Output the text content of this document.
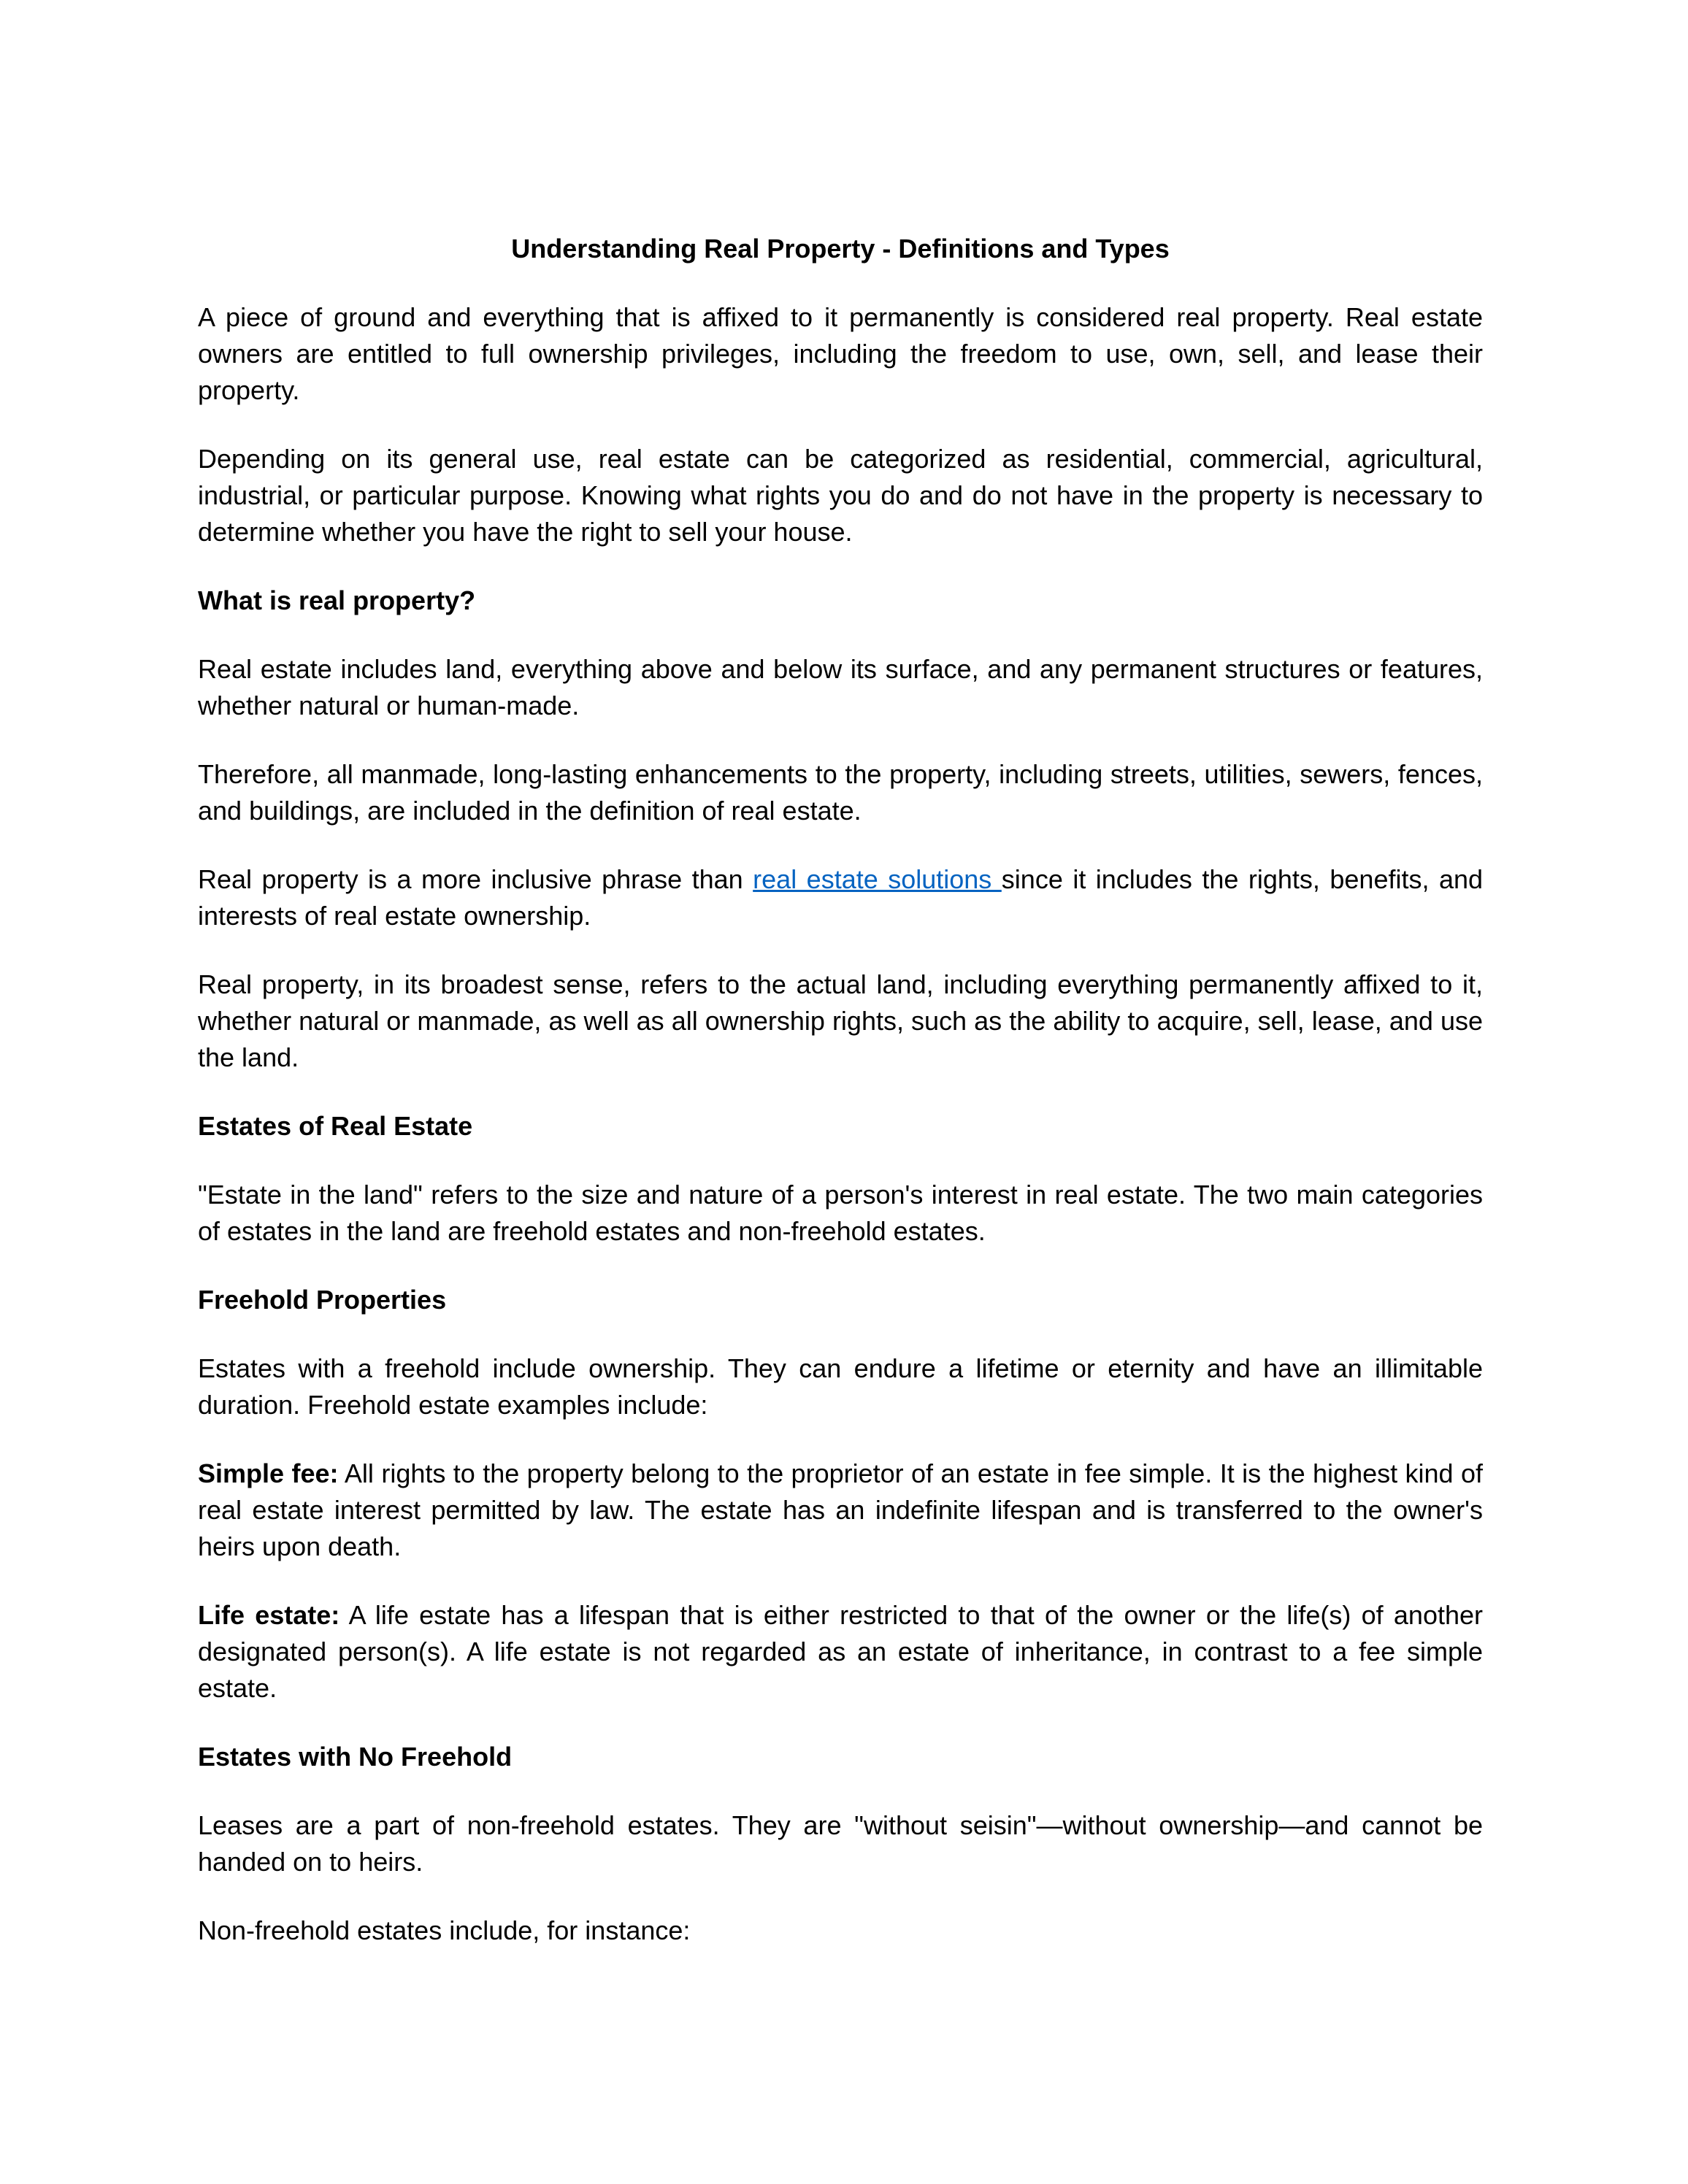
Understanding Real Property - Definitions and Types

A piece of ground and everything that is affixed to it permanently is considered real property. Real estate owners are entitled to full ownership privileges, including the freedom to use, own, sell, and lease their property.

Depending on its general use, real estate can be categorized as residential, commercial, agricultural, industrial, or particular purpose. Knowing what rights you do and do not have in the property is necessary to determine whether you have the right to sell your house.

What is real property?

Real estate includes land, everything above and below its surface, and any permanent structures or features, whether natural or human-made.

Therefore, all manmade, long-lasting enhancements to the property, including streets, utilities, sewers, fences, and buildings, are included in the definition of real estate.

Real property is a more inclusive phrase than real estate solutions since it includes the rights, benefits, and interests of real estate ownership.

Real property, in its broadest sense, refers to the actual land, including everything permanently affixed to it, whether natural or manmade, as well as all ownership rights, such as the ability to acquire, sell, lease, and use the land.

Estates of Real Estate

"Estate in the land" refers to the size and nature of a person's interest in real estate. The two main categories of estates in the land are freehold estates and non-freehold estates.

Freehold Properties

Estates with a freehold include ownership. They can endure a lifetime or eternity and have an illimitable duration. Freehold estate examples include:

Simple fee: All rights to the property belong to the proprietor of an estate in fee simple. It is the highest kind of real estate interest permitted by law. The estate has an indefinite lifespan and is transferred to the owner's heirs upon death.

Life estate: A life estate has a lifespan that is either restricted to that of the owner or the life(s) of another designated person(s). A life estate is not regarded as an estate of inheritance, in contrast to a fee simple estate.

Estates with No Freehold

Leases are a part of non-freehold estates. They are "without seisin"—without ownership—and cannot be handed on to heirs.

Non-freehold estates include, for instance:
